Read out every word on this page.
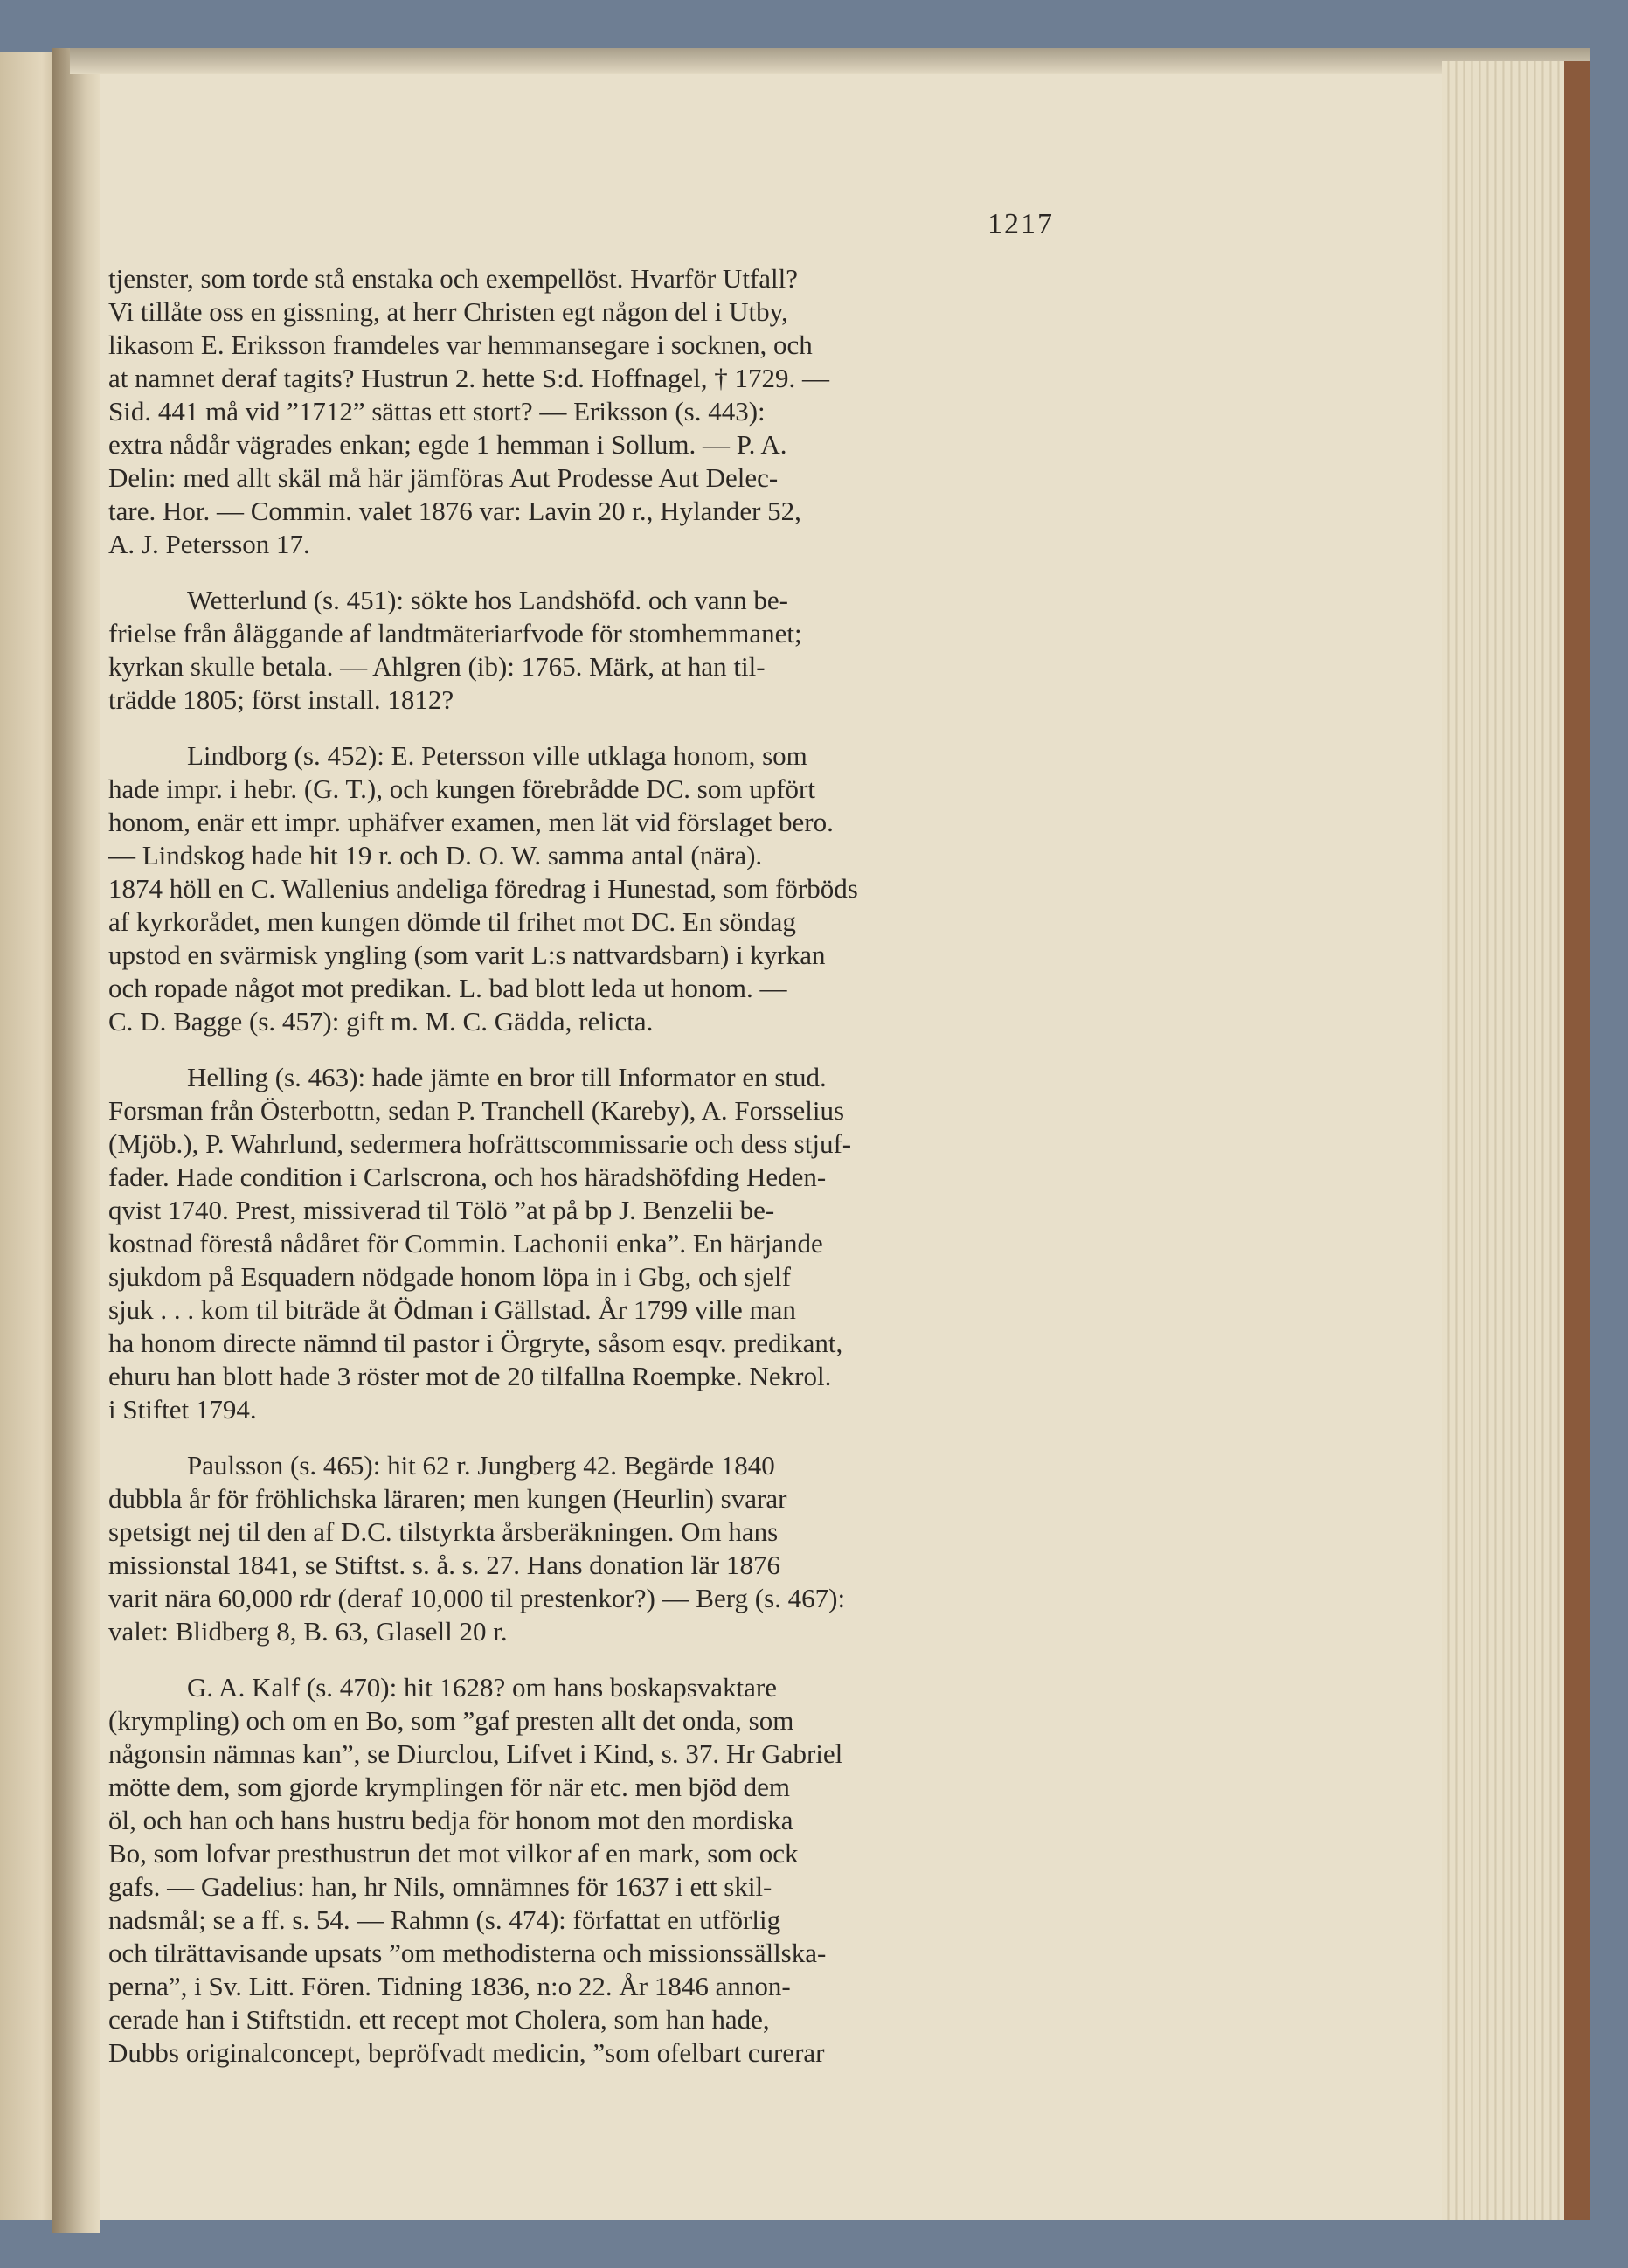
1217
tjenster, som torde stå enstaka och exempellöst. Hvarför Utfall?
Vi tillåte oss en gissning, at herr Christen egt någon del i Utby,
likasom E. Eriksson framdeles var hemmansegare i socknen, och
at namnet deraf tagits? Hustrun 2. hette S:d. Hoffnagel, † 1729. —
Sid. 441 må vid ”1712” sättas ett stort? — Eriksson (s. 443):
extra nådår vägrades enkan; egde 1 hemman i Sollum. — P. A.
Delin: med allt skäl må här jämföras Aut Prodesse Aut Delec-
tare. Hor. — Commin. valet 1876 var: Lavin 20 r., Hylander 52,
A. J. Petersson 17.
Wetterlund (s. 451): sökte hos Landshöfd. och vann be-
frielse från åläggande af landtmäteriarfvode för stomhemmanet;
kyrkan skulle betala. — Ahlgren (ib): 1765. Märk, at han til-
trädde 1805; först install. 1812?
Lindborg (s. 452): E. Petersson ville utklaga honom, som
hade impr. i hebr. (G. T.), och kungen förebrådde DC. som upfört
honom, enär ett impr. uphäfver examen, men lät vid förslaget bero.
— Lindskog hade hit 19 r. och D. O. W. samma antal (nära).
1874 höll en C. Wallenius andeliga föredrag i Hunestad, som förböds
af kyrkorådet, men kungen dömde til frihet mot DC. En söndag
upstod en svärmisk yngling (som varit L:s nattvardsbarn) i kyrkan
och ropade något mot predikan. L. bad blott leda ut honom. —
C. D. Bagge (s. 457): gift m. M. C. Gädda, relicta.
Helling (s. 463): hade jämte en bror till Informator en stud.
Forsman från Österbottn, sedan P. Tranchell (Kareby), A. Forsselius
(Mjöb.), P. Wahrlund, sedermera hofrättscommissarie och dess stjuf-
fader. Hade condition i Carlscrona, och hos häradshöfding Heden-
qvist 1740. Prest, missiverad til Tölö ”at på bp J. Benzelii be-
kostnad förestå nådåret för Commin. Lachonii enka”. En härjande
sjukdom på Esquadern nödgade honom löpa in i Gbg, och sjelf
sjuk . . . kom til biträde åt Ödman i Gällstad. År 1799 ville man
ha honom directe nämnd til pastor i Örgryte, såsom esqv. predikant,
ehuru han blott hade 3 röster mot de 20 tilfallna Roempke. Nekrol.
i Stiftet 1794.
Paulsson (s. 465): hit 62 r. Jungberg 42. Begärde 1840
dubbla år för fröhlichska läraren; men kungen (Heurlin) svarar
spetsigt nej til den af D.C. tilstyrkta årsberäkningen. Om hans
missionstal 1841, se Stiftst. s. å. s. 27. Hans donation lär 1876
varit nära 60,000 rdr (deraf 10,000 til prestenkor?) — Berg (s. 467):
valet: Blidberg 8, B. 63, Glasell 20 r.
G. A. Kalf (s. 470): hit 1628? om hans boskapsvaktare
(krympling) och om en Bo, som ”gaf presten allt det onda, som
någonsin nämnas kan”, se Diurclou, Lifvet i Kind, s. 37. Hr Gabriel
mötte dem, som gjorde krymplingen för när etc. men bjöd dem
öl, och han och hans hustru bedja för honom mot den mordiska
Bo, som lofvar presthustrun det mot vilkor af en mark, som ock
gafs. — Gadelius: han, hr Nils, omnämnes för 1637 i ett skil-
nadsmål; se a ff. s. 54. — Rahmn (s. 474): författat en utförlig
och tilrättavisande upsats ”om methodisterna och missionssällska-
perna”, i Sv. Litt. Fören. Tidning 1836, n:o 22. År 1846 annon-
cerade han i Stiftstidn. ett recept mot Cholera, som han hade,
Dubbs originalconcept, bepröfvadt medicin, ”som ofelbart curerar
